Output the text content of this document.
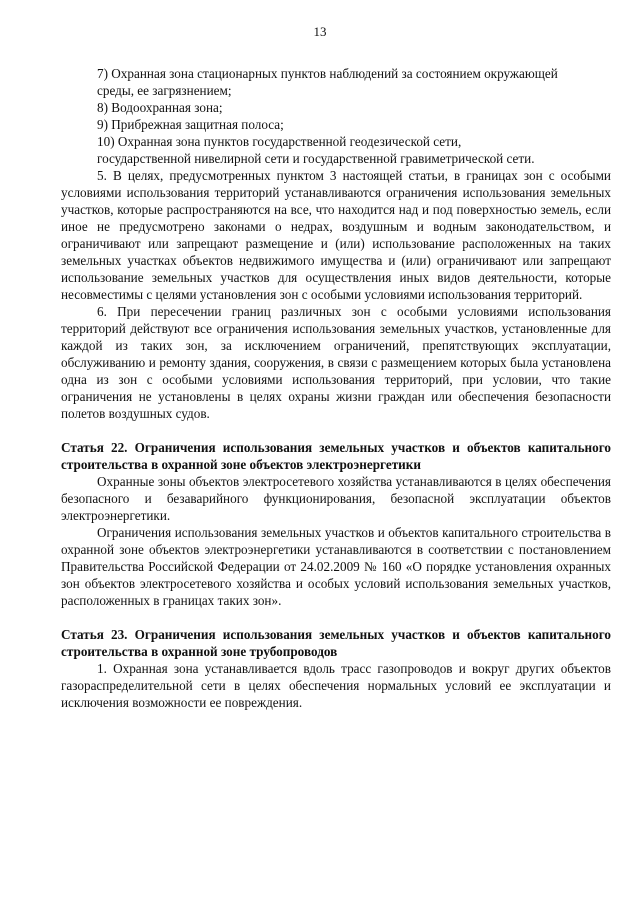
13

7) Охранная зона стационарных пунктов наблюдений за состоянием окружающей
среды, ее загрязнением;

8) Водоохранная зона;

9) Прибрежная защитная полоса;

10) Охранная зона пунктов государственной геодезической сети,
государственной нивелирной сети и государственной гравиметрической сети.

5. В целях, предусмотренных пунктом 3 настоящей статьи, в границах зон с особыми условиями использования территорий устанавливаются ограничения использования земельных участков, которые распространяются на все, что находится над и под поверхностью земель, если иное не предусмотрено законами о недрах, воздушным и водным законодательством, и ограничивают или запрещают размещение и (или) использование расположенных на таких земельных участках объектов недвижимого имущества и (или) ограничивают или запрещают использование земельных участков для осуществления иных видов деятельности, которые несовместимы с целями установления зон с особыми условиями использования территорий.

6. При пересечении границ различных зон с особыми условиями использования территорий действуют все ограничения использования земельных участков, установленные для каждой из таких зон, за исключением ограничений, препятствующих эксплуатации, обслуживанию и ремонту здания, сооружения, в связи с размещением которых была установлена одна из зон с особыми условиями использования территорий, при условии, что такие ограничения не установлены в целях охраны жизни граждан или обеспечения безопасности полетов воздушных судов.

Статья 22. Ограничения использования земельных участков и объектов капитального строительства в охранной зоне объектов электроэнергетики

Охранные зоны объектов электросетевого хозяйства устанавливаются в целях обеспечения безопасного и безаварийного функционирования, безопасной эксплуатации объектов электроэнергетики.

Ограничения использования земельных участков и объектов капитального строительства в охранной зоне объектов электроэнергетики устанавливаются в соответствии с постановлением Правительства Российской Федерации от 24.02.2009 № 160 «О порядке установления охранных зон объектов электросетевого хозяйства и особых условий использования земельных участков, расположенных в границах таких зон».

Статья 23. Ограничения использования земельных участков и объектов капитального строительства в охранной зоне трубопроводов

1. Охранная зона устанавливается вдоль трасс газопроводов и вокруг других объектов газораспределительной сети в целях обеспечения нормальных условий ее эксплуатации и исключения возможности ее повреждения.
